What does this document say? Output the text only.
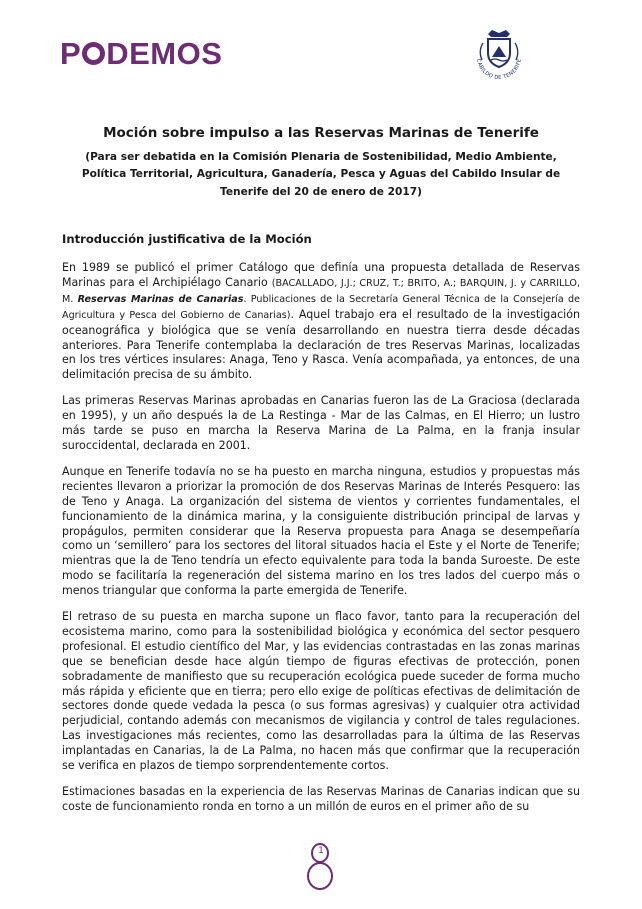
P DEMOS	CABILDO DE TENERIFE
Moción sobre impulso a las Reservas Marinas de Tenerife

(Para ser debatida en la Comisión Plenaria de Sostenibilidad, Medio Ambiente, Política Territorial, Agricultura, Ganadería, Pesca y Aguas del Cabildo Insular de Tenerife del 20 de enero de 2017)

Introducción justificativa de la Moción

En 1989 se publicó el primer Catálogo que definía una propuesta detallada de Reservas Marinas para el Archipiélago Canario (BACALLADO, J.J.; CRUZ, T.; BRITO, A.; BARQUIN, J. y CARRILLO, M. Reservas Marinas de Canarias. Publicaciones de la Secretaría General Técnica de la Consejería de Agricultura y Pesca del Gobierno de Canarias). Aquel trabajo era el resultado de la investigación oceanográfica y biológica que se venía desarrollando en nuestra tierra desde décadas anteriores. Para Tenerife contemplaba la declaración de tres Reservas Marinas, localizadas en los tres vértices insulares: Anaga, Teno y Rasca. Venía acompañada, ya entonces, de una delimitación precisa de su ámbito.

Las primeras Reservas Marinas aprobadas en Canarias fueron las de La Graciosa (declarada en 1995), y un año después la de La Restinga - Mar de las Calmas, en El Hierro; un lustro más tarde se puso en marcha la Reserva Marina de La Palma, en la franja insular suroccidental, declarada en 2001.

Aunque en Tenerife todavía no se ha puesto en marcha ninguna, estudios y propuestas más recientes llevaron a priorizar la promoción de dos Reservas Marinas de Interés Pesquero: las de Teno y Anaga. La organización del sistema de vientos y corrientes fundamentales, el funcionamiento de la dinámica marina, y la consiguiente distribución principal de larvas y propágulos, permiten considerar que la Reserva propuesta para Anaga se desempeñaría como un ‘semillero’ para los sectores del litoral situados hacia el Este y el Norte de Tenerife; mientras que la de Teno tendría un efecto equivalente para toda la banda Suroeste. De este modo se facilitaría la regeneración del sistema marino en los tres lados del cuerpo más o menos triangular que conforma la parte emergida de Tenerife.

El retraso de su puesta en marcha supone un flaco favor, tanto para la recuperación del ecosistema marino, como para la sostenibilidad biológica y económica del sector pesquero profesional. El estudio científico del Mar, y las evidencias contrastadas en las zonas marinas que se benefician desde hace algún tiempo de figuras efectivas de protección, ponen sobradamente de manifiesto que su recuperación ecológica puede suceder de forma mucho más rápida y eficiente que en tierra; pero ello exige de políticas efectivas de delimitación de sectores donde quede vedada la pesca (o sus formas agresivas) y cualquier otra actividad perjudicial, contando además con mecanismos de vigilancia y control de tales regulaciones. Las investigaciones más recientes, como las desarrolladas para la última de las Reservas implantadas en Canarias, la de La Palma, no hacen más que confirmar que la recuperación se verifica en plazos de tiempo sorprendentemente cortos.

Estimaciones basadas en la experiencia de las Reservas Marinas de Canarias indican que su coste de funcionamiento ronda en torno a un millón de euros en el primer año de su

1
